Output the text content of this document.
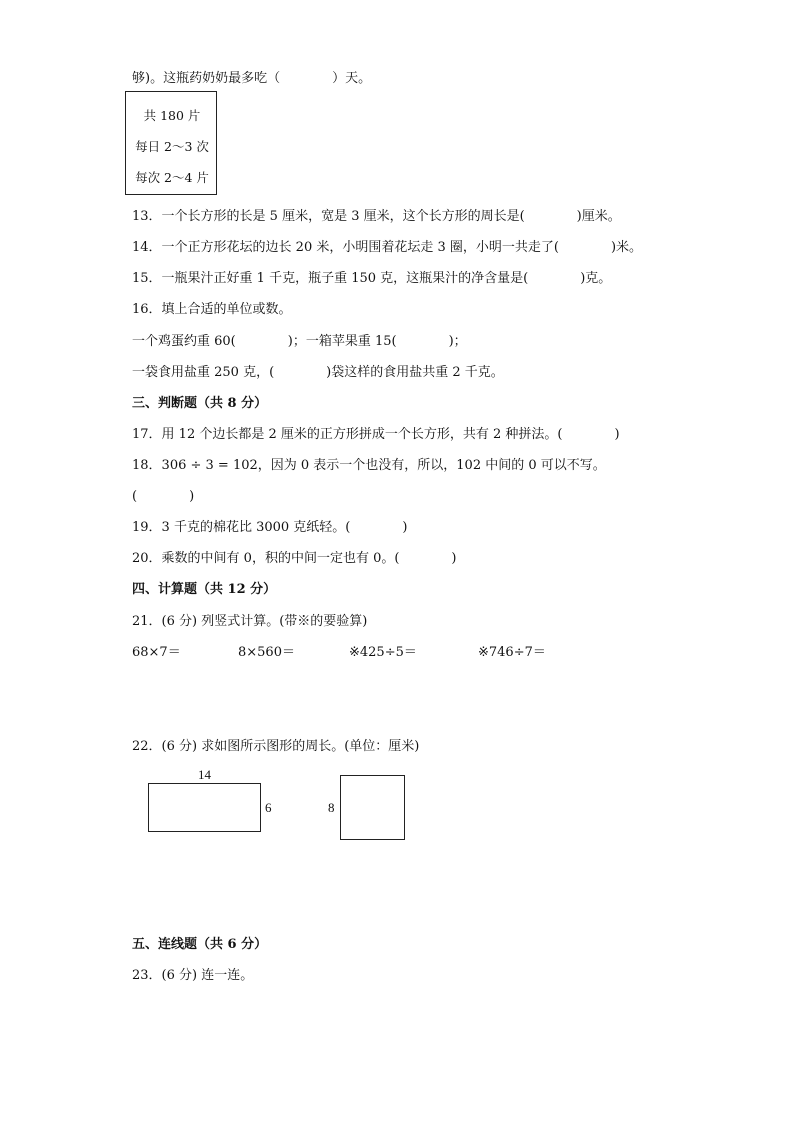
够)。这瓶药奶奶最多吃（　　　　）天。
共 180 片
每日 2～3 次
每次 2～4 片
13．一个长方形的长是 5 厘米，宽是 3 厘米，这个长方形的周长是(　　　　)厘米。
14．一个正方形花坛的边长 20 米，小明围着花坛走 3 圈，小明一共走了(　　　　)米。
15．一瓶果汁正好重 1 千克，瓶子重 150 克，这瓶果汁的净含量是(　　　　)克。
16．填上合适的单位或数。
一个鸡蛋约重 60(　　　　)；一箱苹果重 15(　　　　)；
一袋食用盐重 250 克，(　　　　)袋这样的食用盐共重 2 千克。
三、判断题（共 8 分）
17．用 12 个边长都是 2 厘米的正方形拼成一个长方形，共有 2 种拼法。(　　　　)
18．306 ÷ 3 = 102，因为 0 表示一个也没有，所以，102 中间的 0 可以不写。
(　　　　)
19．3 千克的棉花比 3000 克纸轻。(　　　　)
20．乘数的中间有 0，积的中间一定也有 0。(　　　　)
四、计算题（共 12 分）
21．(6 分) 列竖式计算。(带※的要验算)
68×7＝	8×560＝	※425÷5＝	※746÷7＝
22．(6 分) 求如图所示图形的周长。(单位：厘米)
14
6	8
五、连线题（共 6 分）
23．(6 分) 连一连。
